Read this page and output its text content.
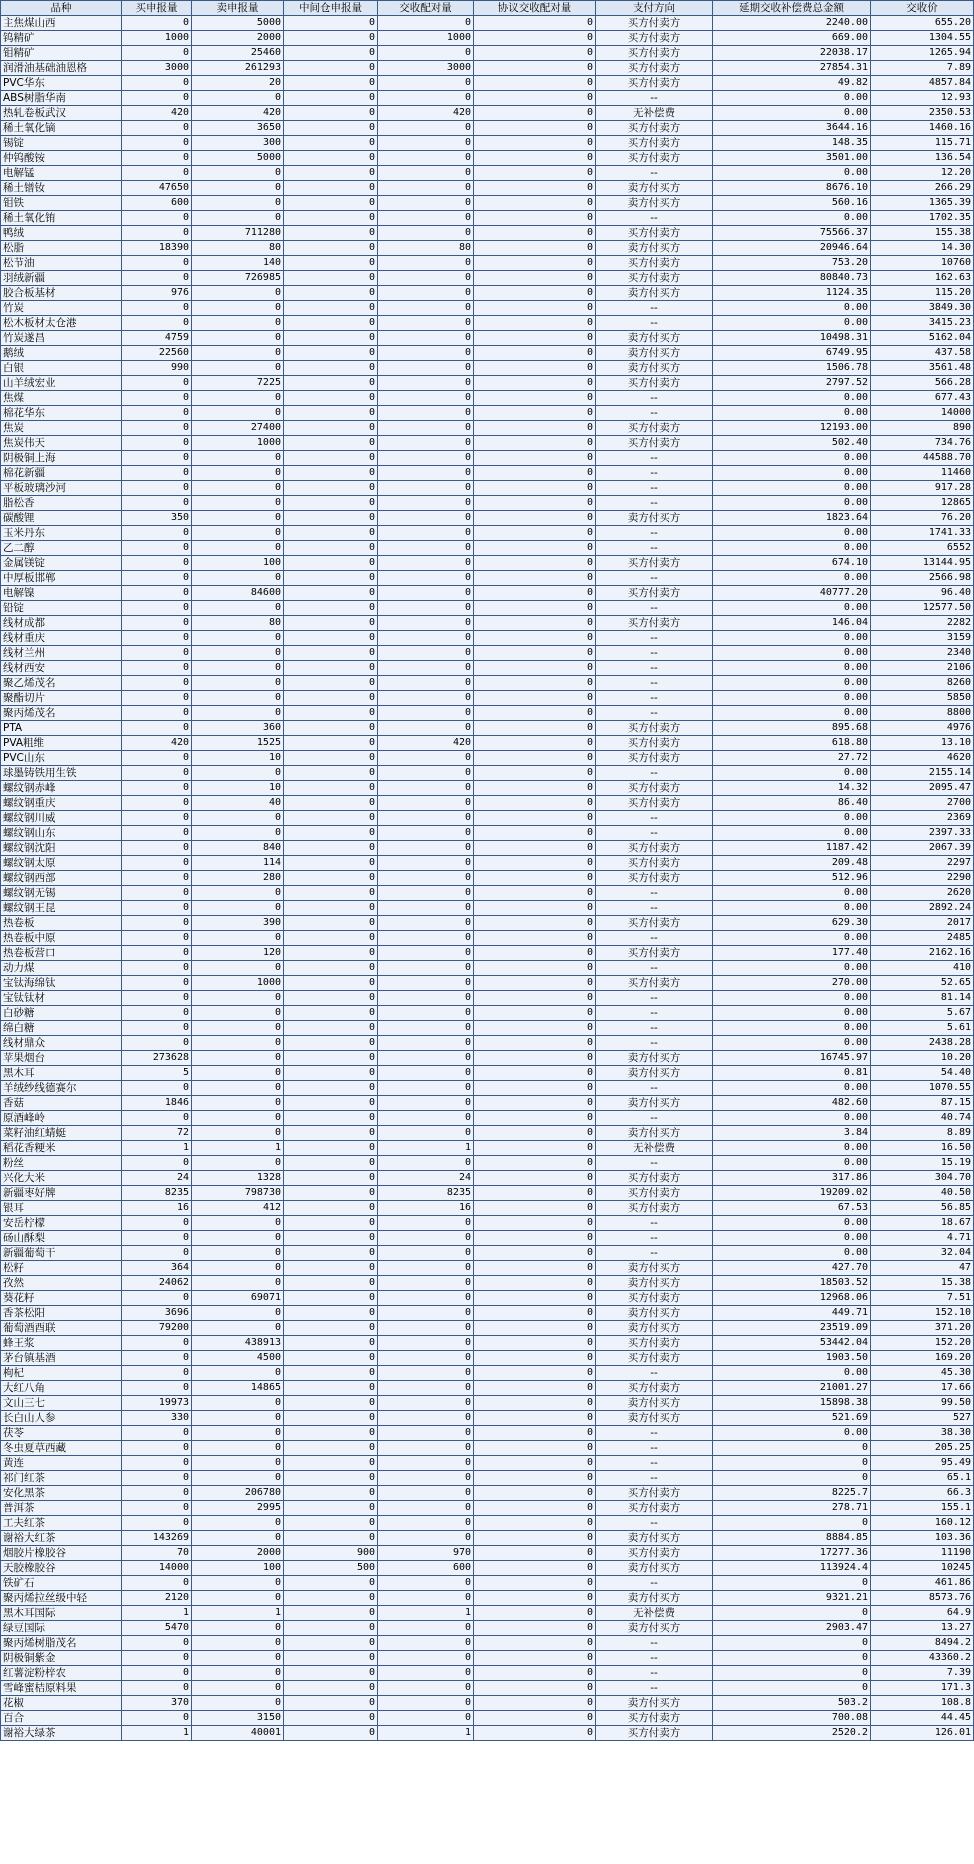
品种	买申报量	卖申报量	中间仓申报量	交收配对量	协议交收配对量	支付方向	延期交收补偿费总金额	交收价
主焦煤山西	0	5000	0	0	0	买方付卖方	2240.00	655.20
钨精矿	1000	2000	0	1000	0	买方付卖方	669.00	1304.55
钼精矿	0	25460	0	0	0	买方付卖方	22038.17	1265.94
润滑油基础油恩格	3000	261293	0	3000	0	买方付卖方	27854.31	7.89
PVC华东	0	20	0	0	0	买方付卖方	49.82	4857.84
ABS树脂华南	0	0	0	0	0	--	0.00	12.93
热轧卷板武汉	420	420	0	420	0	无补偿费	0.00	2350.53
稀土氧化镝	0	3650	0	0	0	买方付卖方	3644.16	1460.16
锡锭	0	300	0	0	0	买方付卖方	148.35	115.71
仲钨酸铵	0	5000	0	0	0	买方付卖方	3501.00	136.54
电解锰	0	0	0	0	0	--	0.00	12.20
稀土镨钕	47650	0	0	0	0	卖方付买方	8676.10	266.29
钼铁	600	0	0	0	0	卖方付买方	560.16	1365.39
稀土氧化铕	0	0	0	0	0	--	0.00	1702.35
鸭绒	0	711280	0	0	0	买方付卖方	75566.37	155.38
松脂	18390	80	0	80	0	卖方付买方	20946.64	14.30
松节油	0	140	0	0	0	买方付卖方	753.20	10760
羽绒新疆	0	726985	0	0	0	买方付卖方	80840.73	162.63
胶合板基材	976	0	0	0	0	卖方付买方	1124.35	115.20
竹炭	0	0	0	0	0	--	0.00	3849.30
松木板材太仓港	0	0	0	0	0	--	0.00	3415.23
竹炭遂昌	4759	0	0	0	0	卖方付买方	10498.31	5162.04
鹅绒	22560	0	0	0	0	卖方付买方	6749.95	437.58
白银	990	0	0	0	0	卖方付买方	1506.78	3561.48
山羊绒宏业	0	7225	0	0	0	买方付卖方	2797.52	566.28
焦煤	0	0	0	0	0	--	0.00	677.43
棉花华东	0	0	0	0	0	--	0.00	14000
焦炭	0	27400	0	0	0	买方付卖方	12193.00	890
焦炭伟天	0	1000	0	0	0	买方付卖方	502.40	734.76
阴极铜上海	0	0	0	0	0	--	0.00	44588.70
棉花新疆	0	0	0	0	0	--	0.00	11460
平板玻璃沙河	0	0	0	0	0	--	0.00	917.28
脂松香	0	0	0	0	0	--	0.00	12865
碳酸锂	350	0	0	0	0	卖方付买方	1823.64	76.20
玉米丹东	0	0	0	0	0	--	0.00	1741.33
乙二醇	0	0	0	0	0	--	0.00	6552
金属镁锭	0	100	0	0	0	买方付卖方	674.10	13144.95
中厚板邯郸	0	0	0	0	0	--	0.00	2566.98
电解镍	0	84600	0	0	0	买方付卖方	40777.20	96.40
铅锭	0	0	0	0	0	--	0.00	12577.50
线材成都	0	80	0	0	0	买方付卖方	146.04	2282
线材重庆	0	0	0	0	0	--	0.00	3159
线材兰州	0	0	0	0	0	--	0.00	2340
线材西安	0	0	0	0	0	--	0.00	2106
聚乙烯茂名	0	0	0	0	0	--	0.00	8260
聚酯切片	0	0	0	0	0	--	0.00	5850
聚丙烯茂名	0	0	0	0	0	--	0.00	8800
PTA	0	360	0	0	0	买方付卖方	895.68	4976
PVA粗维	420	1525	0	420	0	买方付卖方	618.80	13.10
PVC山东	0	10	0	0	0	买方付卖方	27.72	4620
球墨铸铁用生铁	0	0	0	0	0	--	0.00	2155.14
螺纹钢赤峰	0	10	0	0	0	买方付卖方	14.32	2095.47
螺纹钢重庆	0	40	0	0	0	买方付卖方	86.40	2700
螺纹钢川威	0	0	0	0	0	--	0.00	2369
螺纹钢山东	0	0	0	0	0	--	0.00	2397.33
螺纹钢沈阳	0	840	0	0	0	买方付卖方	1187.42	2067.39
螺纹钢太原	0	114	0	0	0	买方付卖方	209.48	2297
螺纹钢西部	0	280	0	0	0	买方付卖方	512.96	2290
螺纹钢无锡	0	0	0	0	0	--	0.00	2620
螺纹钢王昆	0	0	0	0	0	--	0.00	2892.24
热卷板	0	390	0	0	0	买方付卖方	629.30	2017
热卷板中原	0	0	0	0	0	--	0.00	2485
热卷板营口	0	120	0	0	0	买方付卖方	177.40	2162.16
动力煤	0	0	0	0	0	--	0.00	410
宝钛海绵钛	0	1000	0	0	0	买方付卖方	270.00	52.65
宝钛钛材	0	0	0	0	0	--	0.00	81.14
白砂糖	0	0	0	0	0	--	0.00	5.67
绵白糖	0	0	0	0	0	--	0.00	5.61
线材鼎众	0	0	0	0	0	--	0.00	2438.28
苹果烟台	273628	0	0	0	0	卖方付买方	16745.97	10.20
黑木耳	5	0	0	0	0	卖方付买方	0.81	54.40
羊绒纱线德赛尔	0	0	0	0	0	--	0.00	1070.55
香菇	1846	0	0	0	0	卖方付买方	482.60	87.15
原酒峰岭	0	0	0	0	0	--	0.00	40.74
菜籽油红蜻蜓	72	0	0	0	0	卖方付买方	3.84	8.89
稻花香粳米	1	1	0	1	0	无补偿费	0.00	16.50
粉丝	0	0	0	0	0	--	0.00	15.19
兴化大米	24	1328	0	24	0	买方付卖方	317.86	304.70
新疆枣好牌	8235	798730	0	8235	0	买方付卖方	19209.02	40.50
银耳	16	412	0	16	0	买方付卖方	67.53	56.85
安岳柠檬	0	0	0	0	0	--	0.00	18.67
砀山酥梨	0	0	0	0	0	--	0.00	4.71
新疆葡萄干	0	0	0	0	0	--	0.00	32.04
松籽	364	0	0	0	0	卖方付买方	427.70	47
孜然	24062	0	0	0	0	卖方付买方	18503.52	15.38
葵花籽	0	69071	0	0	0	买方付卖方	12968.06	7.51
香茶松阳	3696	0	0	0	0	卖方付买方	449.71	152.10
葡萄酒酉联	79200	0	0	0	0	卖方付买方	23519.09	371.20
蜂王浆	0	438913	0	0	0	买方付卖方	53442.04	152.20
茅台镇基酒	0	4500	0	0	0	买方付卖方	1903.50	169.20
枸杞	0	0	0	0	0	--	0.00	45.30
大红八角	0	14865	0	0	0	买方付卖方	21001.27	17.66
文山三七	19973	0	0	0	0	卖方付买方	15898.38	99.50
长白山人参	330	0	0	0	0	卖方付买方	521.69	527
茯苓	0	0	0	0	0	--	0.00	38.30
冬虫夏草西藏	0	0	0	0	0	--	0	205.25
黄连	0	0	0	0	0	--	0	95.49
祁门红茶	0	0	0	0	0	--	0	65.1
安化黑茶	0	206780	0	0	0	买方付卖方	8225.7	66.3
普洱茶	0	2995	0	0	0	买方付卖方	278.71	155.1
工夫红茶	0	0	0	0	0	--	0	160.12
谢裕大红茶	143269	0	0	0	0	卖方付买方	8884.85	103.36
烟胶片橡胶谷	70	2000	900	970	0	买方付卖方	17277.36	11190
天胶橡胶谷	14000	100	500	600	0	卖方付买方	113924.4	10245
铁矿石	0	0	0	0	0	--	0	461.86
聚丙烯拉丝级中轻	2120	0	0	0	0	卖方付买方	9321.21	8573.76
黑木耳国际	1	1	0	1	0	无补偿费	0	64.9
绿豆国际	5470	0	0	0	0	卖方付买方	2903.47	13.27
聚丙烯树脂茂名	0	0	0	0	0	--	0	8494.2
阴极铜紫金	0	0	0	0	0	--	0	43360.2
红薯淀粉梓农	0	0	0	0	0	--	0	7.39
雪峰蜜桔原料果	0	0	0	0	0	--	0	171.3
花椒	370	0	0	0	0	卖方付买方	503.2	108.8
百合	0	3150	0	0	0	买方付卖方	700.08	44.45
谢裕大绿茶	1	40001	0	1	0	买方付卖方	2520.2	126.01
